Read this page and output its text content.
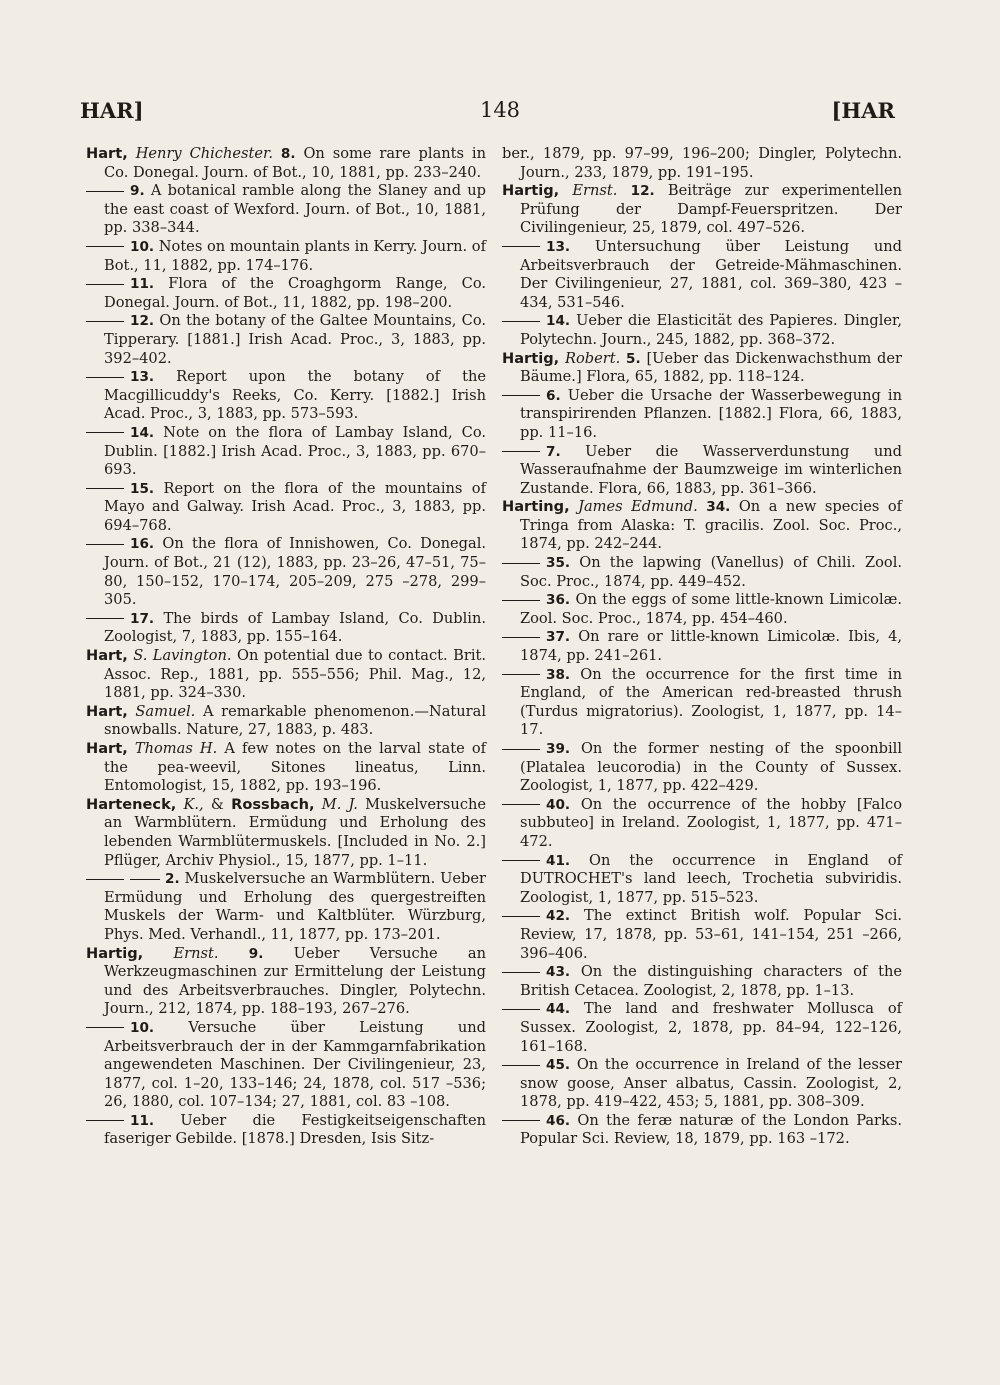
HAR]	148	[HAR

Hart, Henry Chichester. 8. On some rare plants in Co. Donegal. Journ. of Bot., 10, 1881, pp. 233–240.

9. A botanical ramble along the Slaney and up the east coast of Wexford. Journ. of Bot., 10, 1881, pp. 338–344.

10. Notes on mountain plants in Kerry. Journ. of Bot., 11, 1882, pp. 174–176.

11. Flora of the Croaghgorm Range, Co. Donegal. Journ. of Bot., 11, 1882, pp. 198–200.

12. On the botany of the Galtee Mountains, Co. Tipperary. [1881.] Irish Acad. Proc., 3, 1883, pp. 392–402.

13. Report upon the botany of the Macgillicuddy's Reeks, Co. Kerry. [1882.] Irish Acad. Proc., 3, 1883, pp. 573–593.

14. Note on the flora of Lambay Island, Co. Dublin. [1882.] Irish Acad. Proc., 3, 1883, pp. 670–693.

15. Report on the flora of the mountains of Mayo and Galway. Irish Acad. Proc., 3, 1883, pp. 694–768.

16. On the flora of Innishowen, Co. Donegal. Journ. of Bot., 21 (12), 1883, pp. 23–26, 47–51, 75–80, 150–152, 170–174, 205–209, 275 –278, 299–305.

17. The birds of Lambay Island, Co. Dublin. Zoologist, 7, 1883, pp. 155–164.

Hart, S. Lavington. On potential due to contact. Brit. Assoc. Rep., 1881, pp. 555–556; Phil. Mag., 12, 1881, pp. 324–330.

Hart, Samuel. A remarkable phenomenon.—Natural snowballs. Nature, 27, 1883, p. 483.

Hart, Thomas H. A few notes on the larval state of the pea-weevil, Sitones lineatus, Linn. Entomologist, 15, 1882, pp. 193–196.

Harteneck, K., & Rossbach, M. J. Muskelversuche an Warmblütern. Ermüdung und Erholung des lebenden Warmblütermuskels. [Included in No. 2.] Pflüger, Archiv Physiol., 15, 1877, pp. 1–11.

2. Muskelversuche an Warmblütern. Ueber Ermüdung und Erholung des quergestreiften Muskels der Warm- und Kaltblüter. Würzburg, Phys. Med. Verhandl., 11, 1877, pp. 173–201.

Hartig, Ernst. 9. Ueber Versuche an Werkzeugmaschinen zur Ermittelung der Leistung und des Arbeitsverbrauches. Dingler, Polytechn. Journ., 212, 1874, pp. 188–193, 267–276.

10. Versuche über Leistung und Arbeitsverbrauch der in der Kammgarnfabrikation angewendeten Maschinen. Der Civilingenieur, 23, 1877, col. 1–20, 133–146; 24, 1878, col. 517 –536; 26, 1880, col. 107–134; 27, 1881, col. 83 –108.

11. Ueber die Festigkeitseigenschaften faseriger Gebilde. [1878.] Dresden, Isis Sitz-

ber., 1879, pp. 97–99, 196–200; Dingler, Polytechn. Journ., 233, 1879, pp. 191–195.

Hartig, Ernst. 12. Beiträge zur experimentellen Prüfung der Dampf-Feuerspritzen. Der Civilingenieur, 25, 1879, col. 497–526.

13. Untersuchung über Leistung und Arbeitsverbrauch der Getreide-Mähmaschinen. Der Civilingenieur, 27, 1881, col. 369–380, 423 –434, 531–546.

14. Ueber die Elasticität des Papieres. Dingler, Polytechn. Journ., 245, 1882, pp. 368–372.

Hartig, Robert. 5. [Ueber das Dickenwachsthum der Bäume.] Flora, 65, 1882, pp. 118–124.

6. Ueber die Ursache der Wasserbewegung in transpirirenden Pflanzen. [1882.] Flora, 66, 1883, pp. 11–16.

7. Ueber die Wasserverdunstung und Wasseraufnahme der Baumzweige im winterlichen Zustande. Flora, 66, 1883, pp. 361–366.

Harting, James Edmund. 34. On a new species of Tringa from Alaska: T. gracilis. Zool. Soc. Proc., 1874, pp. 242–244.

35. On the lapwing (Vanellus) of Chili. Zool. Soc. Proc., 1874, pp. 449–452.

36. On the eggs of some little-known Limicolæ. Zool. Soc. Proc., 1874, pp. 454–460.

37. On rare or little-known Limicolæ. Ibis, 4, 1874, pp. 241–261.

38. On the occurrence for the first time in England, of the American red-breasted thrush (Turdus migratorius). Zoologist, 1, 1877, pp. 14–17.

39. On the former nesting of the spoonbill (Platalea leucorodia) in the County of Sussex. Zoologist, 1, 1877, pp. 422–429.

40. On the occurrence of the hobby [Falco subbuteo] in Ireland. Zoologist, 1, 1877, pp. 471–472.

41. On the occurrence in England of DUTROCHET's land leech, Trochetia subviridis. Zoologist, 1, 1877, pp. 515–523.

42. The extinct British wolf. Popular Sci. Review, 17, 1878, pp. 53–61, 141–154, 251 –266, 396–406.

43. On the distinguishing characters of the British Cetacea. Zoologist, 2, 1878, pp. 1–13.

44. The land and freshwater Mollusca of Sussex. Zoologist, 2, 1878, pp. 84–94, 122–126, 161–168.

45. On the occurrence in Ireland of the lesser snow goose, Anser albatus, Cassin. Zoologist, 2, 1878, pp. 419–422, 453; 5, 1881, pp. 308–309.

46. On the feræ naturæ of the London Parks. Popular Sci. Review, 18, 1879, pp. 163 –172.
